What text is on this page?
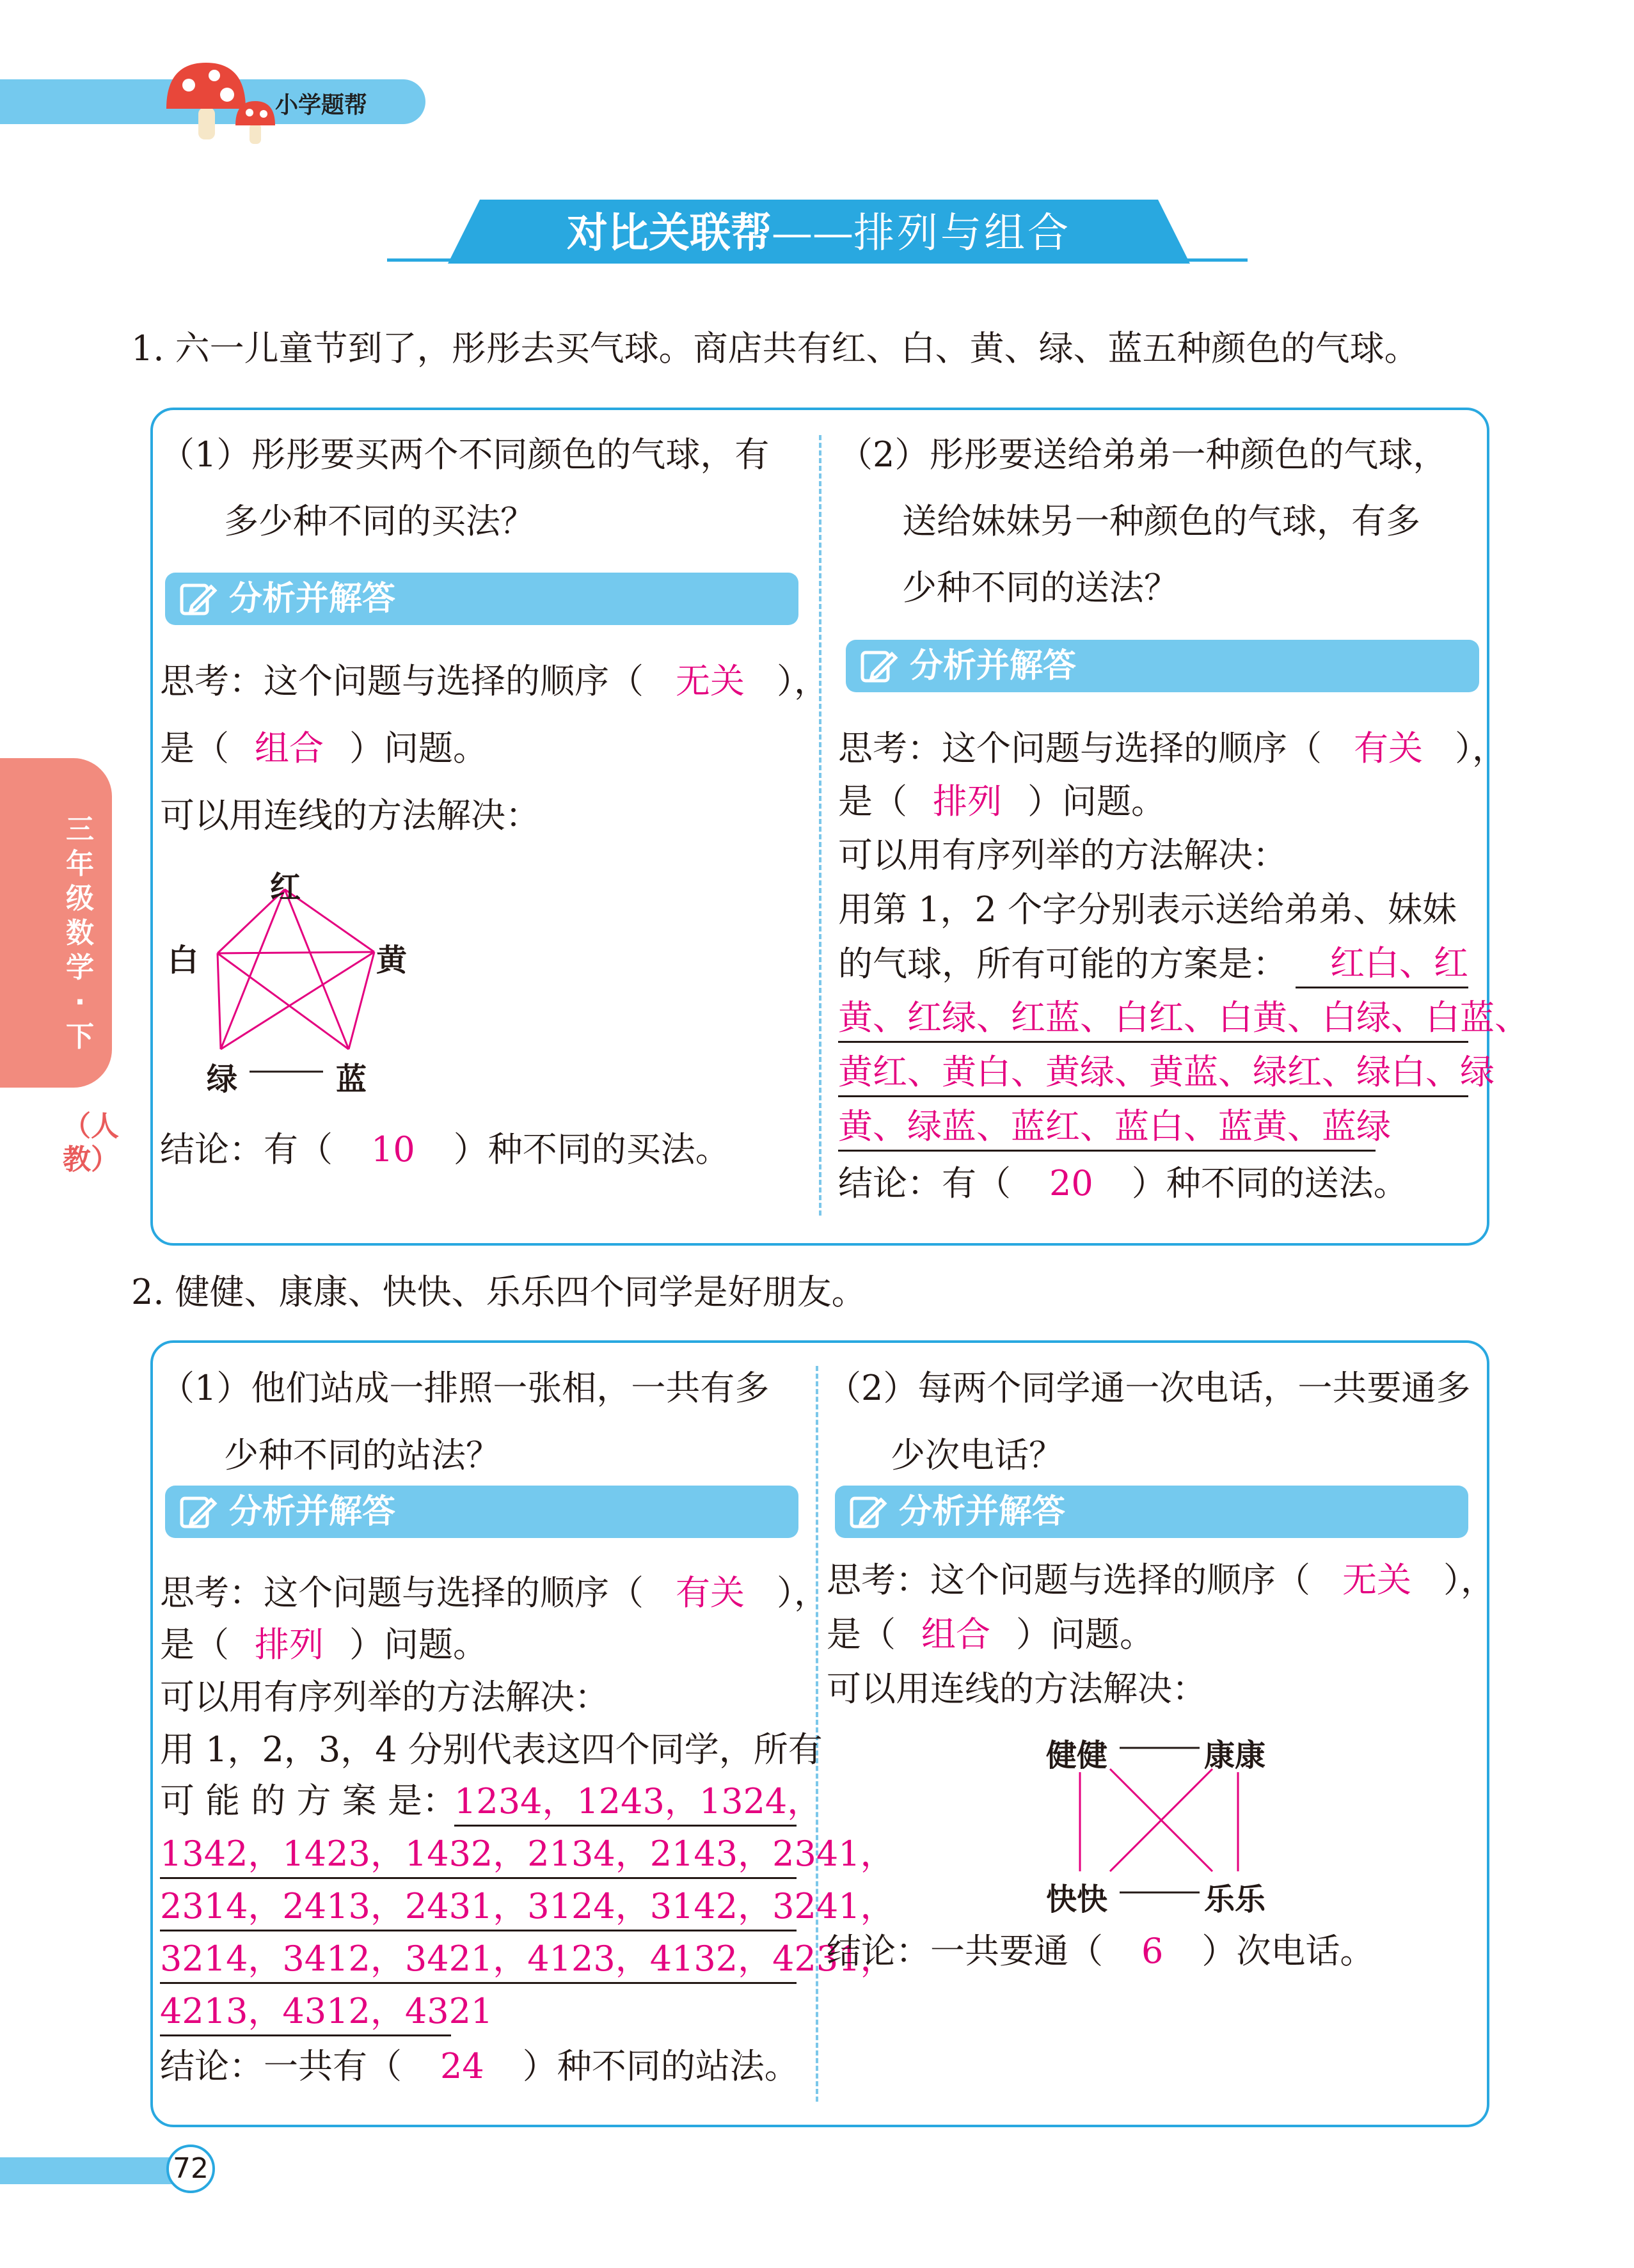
小学题帮
对比关联帮——排列与组合
三年级数学·下
（人教）
1. 六一儿童节到了，彤彤去买气球。商店共有红、白、黄、绿、蓝五种颜色的气球。
（1）彤彤要买两个不同颜色的气球，有
多少种不同的买法？
分析并解答
思考：这个问题与选择的顺序（ 无关 ），
是（ 组合 ）问题。
可以用连线的方法解决：
红
白	黄
绿	蓝
结论：有（ 10 ）种不同的买法。
（2）彤彤要送给弟弟一种颜色的气球，
送给妹妹另一种颜色的气球，有多
少种不同的送法？
分析并解答
思考：这个问题与选择的顺序（ 有关 ），
是（ 排列 ）问题。
可以用有序列举的方法解决：
用第 1，2 个字分别表示送给弟弟、妹妹
的气球，所有可能的方案是：	红白、红
黄、红绿、红蓝、白红、白黄、白绿、白蓝、
黄红、黄白、黄绿、黄蓝、绿红、绿白、绿
黄、绿蓝、蓝红、蓝白、蓝黄、蓝绿
结论：有（ 20 ）种不同的送法。
2. 健健、康康、快快、乐乐四个同学是好朋友。
（1）他们站成一排照一张相，一共有多
少种不同的站法？
分析并解答
思考：这个问题与选择的顺序（ 有关 ），
是（ 排列 ）问题。
可以用有序列举的方法解决：
用 1，2，3，4 分别代表这四个同学，所有
可 能 的 方 案 是：
1234，1243，1324，
1342，1423，1432，2134，2143，2341，
2314，2413，2431，3124，3142，3241，
3214，3412，3421，4123，4132，4231，
4213，4312，4321
结论：一共有（ 24 ）种不同的站法。
（2）每两个同学通一次电话，一共要通多
少次电话？
分析并解答
思考：这个问题与选择的顺序（ 无关 ），
是（ 组合 ）问题。
可以用连线的方法解决：
健健	康康
快快	乐乐
结论：一共要通（ 6 ）次电话。
72
